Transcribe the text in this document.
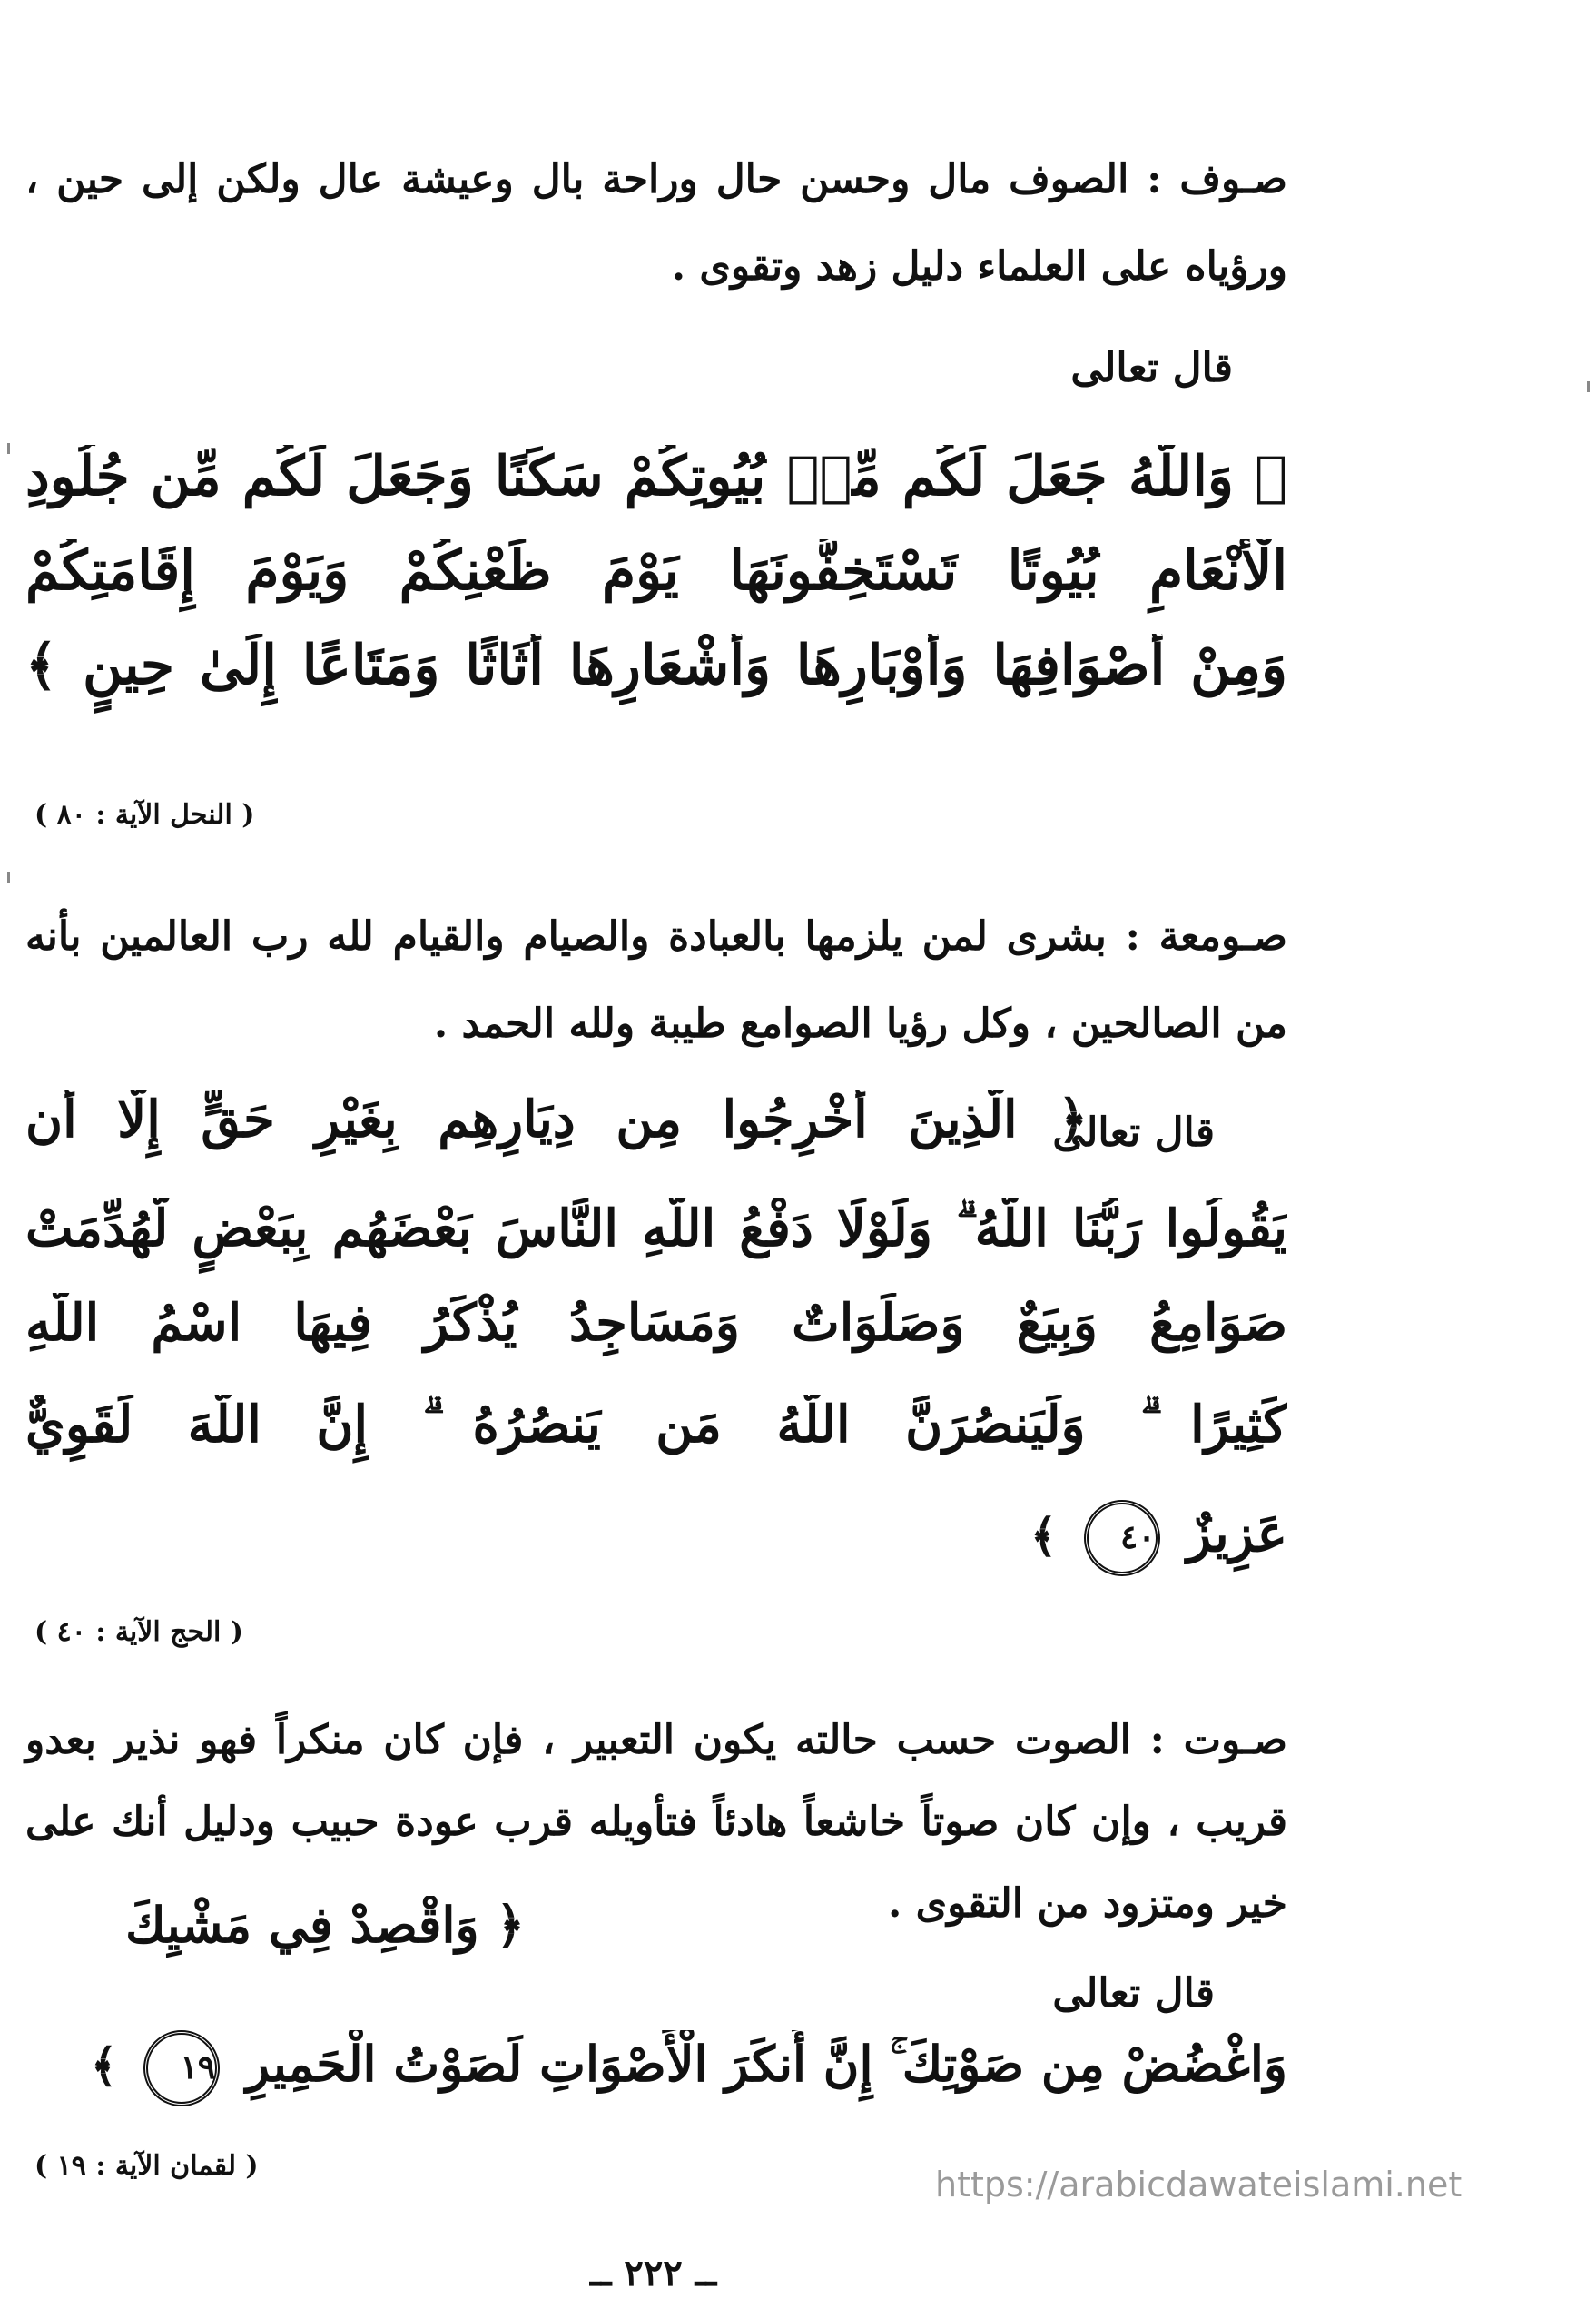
صـوف : الصوف مال وحسن حال وراحة بال وعيشة عال ولكن إلى حين ، ورؤياه على العلماء دليل زهد وتقوى .

قال تعالى
﴿ وَاللَّهُ جَعَلَ لَكُم مِّنۢ بُيُوتِكُمْ سَكَنًا وَجَعَلَ لَكُم مِّن جُلُودِ
الْأَنْعَامِ بُيُوتًا تَسْتَخِفُّونَهَا يَوْمَ ظَعْنِكُمْ وَيَوْمَ إِقَامَتِكُمْ
وَمِنْ أَصْوَافِهَا وَأَوْبَارِهَا وَأَشْعَارِهَا أَثَاثًا وَمَتَاعًا إِلَىٰ حِينٍ ﴾
( النحل الآية : ٨٠ )

صـومعة : بشرى لمن يلزمها بالعبادة والصيام والقيام لله رب العالمين بأنه من الصالحين ، وكل رؤيا الصوامع طيبة ولله الحمد .

قال تعالى
﴿ الَّذِينَ أُخْرِجُوا مِن دِيَارِهِم بِغَيْرِ حَقٍّ إِلَّا أَن
يَقُولُوا رَبُّنَا اللَّهُ ۗ وَلَوْلَا دَفْعُ اللَّهِ النَّاسَ بَعْضَهُم بِبَعْضٍ لَّهُدِّمَتْ
صَوَامِعُ وَبِيَعٌ وَصَلَوَاتٌ وَمَسَاجِدُ يُذْكَرُ فِيهَا اسْمُ اللَّهِ
كَثِيرًا ۗ وَلَيَنصُرَنَّ اللَّهُ مَن يَنصُرُهُ ۗ إِنَّ اللَّهَ لَقَوِيٌّ
عَزِيزٌ ٤٠ ﴾
( الحج الآية : ٤٠ )

صـوت : الصوت حسب حالته يكون التعبير ، فإن كان منكراً فهو نذير بعدو قريب ، وإن كان صوتاً خاشعاً هادئاً فتأويله قرب عودة حبيب ودليل أنك على خير ومتزود من التقوى .

﴿ وَاقْصِدْ فِي مَشْيِكَ
قال تعالى
وَاغْضُضْ مِن صَوْتِكَ ۚ إِنَّ أَنكَرَ الْأَصْوَاتِ لَصَوْتُ الْحَمِيرِ ١٩ ﴾
( لقمان الآية : ١٩ )	https://arabicdawateislami.net
ــ ٢٢٢ ــ
